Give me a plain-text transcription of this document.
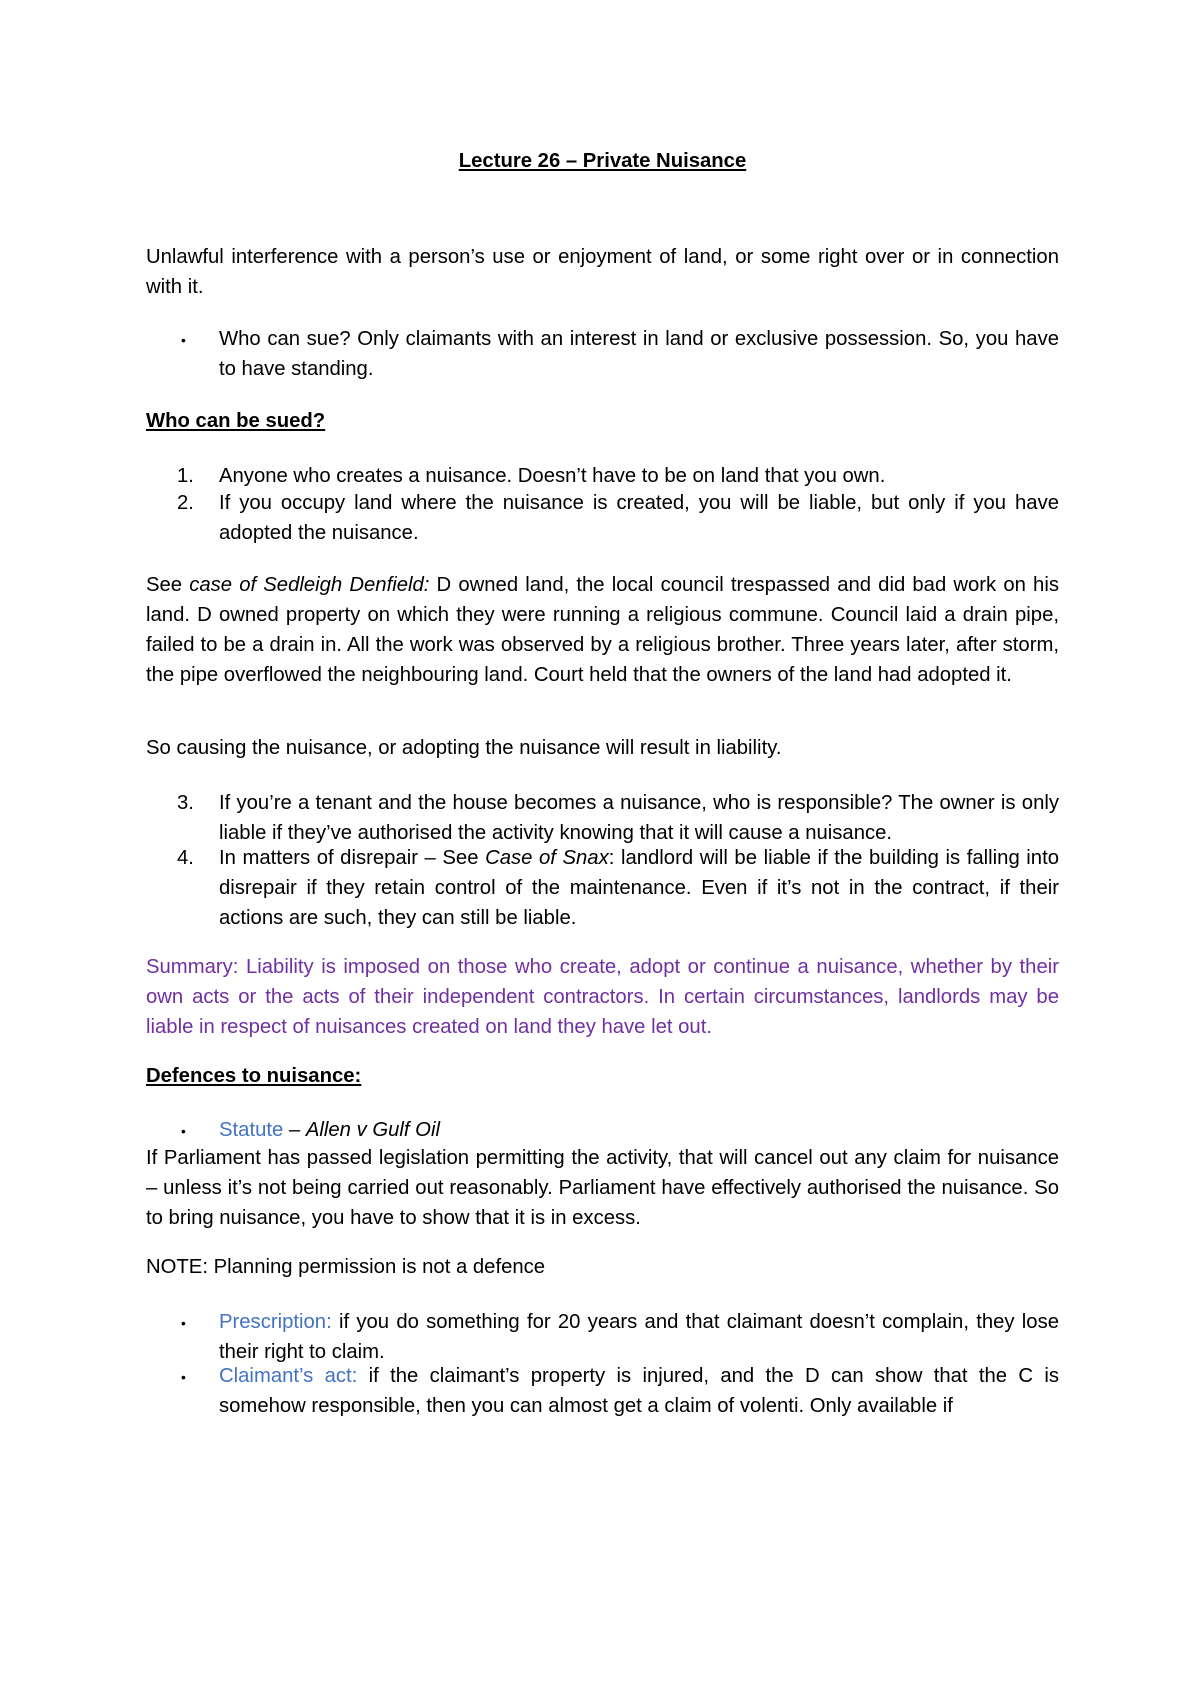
Lecture 26 – Private Nuisance
Unlawful interference with a person’s use or enjoyment of land, or some right over or in connection with it.
•	Who can sue? Only claimants with an interest in land or exclusive possession. So, you have to have standing.
Who can be sued?
1.	Anyone who creates a nuisance. Doesn’t have to be on land that you own.
2.	If you occupy land where the nuisance is created, you will be liable, but only if you have adopted the nuisance.
See case of Sedleigh Denfield: D owned land, the local council trespassed and did bad work on his land. D owned property on which they were running a religious commune. Council laid a drain pipe, failed to be a drain in. All the work was observed by a religious brother. Three years later, after storm, the pipe overflowed the neighbouring land. Court held that the owners of the land had adopted it.
So causing the nuisance, or adopting the nuisance will result in liability.
3.	If you’re a tenant and the house becomes a nuisance, who is responsible? The owner is only liable if they’ve authorised the activity knowing that it will cause a nuisance.
4.	In matters of disrepair – See Case of Snax: landlord will be liable if the building is falling into disrepair if they retain control of the maintenance. Even if it’s not in the contract, if their actions are such, they can still be liable.
Summary: Liability is imposed on those who create, adopt or continue a nuisance, whether by their own acts or the acts of their independent contractors. In certain circumstances, landlords may be liable in respect of nuisances created on land they have let out.
Defences to nuisance:
•	Statute – Allen v Gulf Oil
If Parliament has passed legislation permitting the activity, that will cancel out any claim for nuisance – unless it’s not being carried out reasonably. Parliament have effectively authorised the nuisance. So to bring nuisance, you have to show that it is in excess.
NOTE: Planning permission is not a defence
•	Prescription: if you do something for 20 years and that claimant doesn’t complain, they lose their right to claim.
•	Claimant’s act: if the claimant’s property is injured, and the D can show that the C is somehow responsible, then you can almost get a claim of volenti. Only available if
